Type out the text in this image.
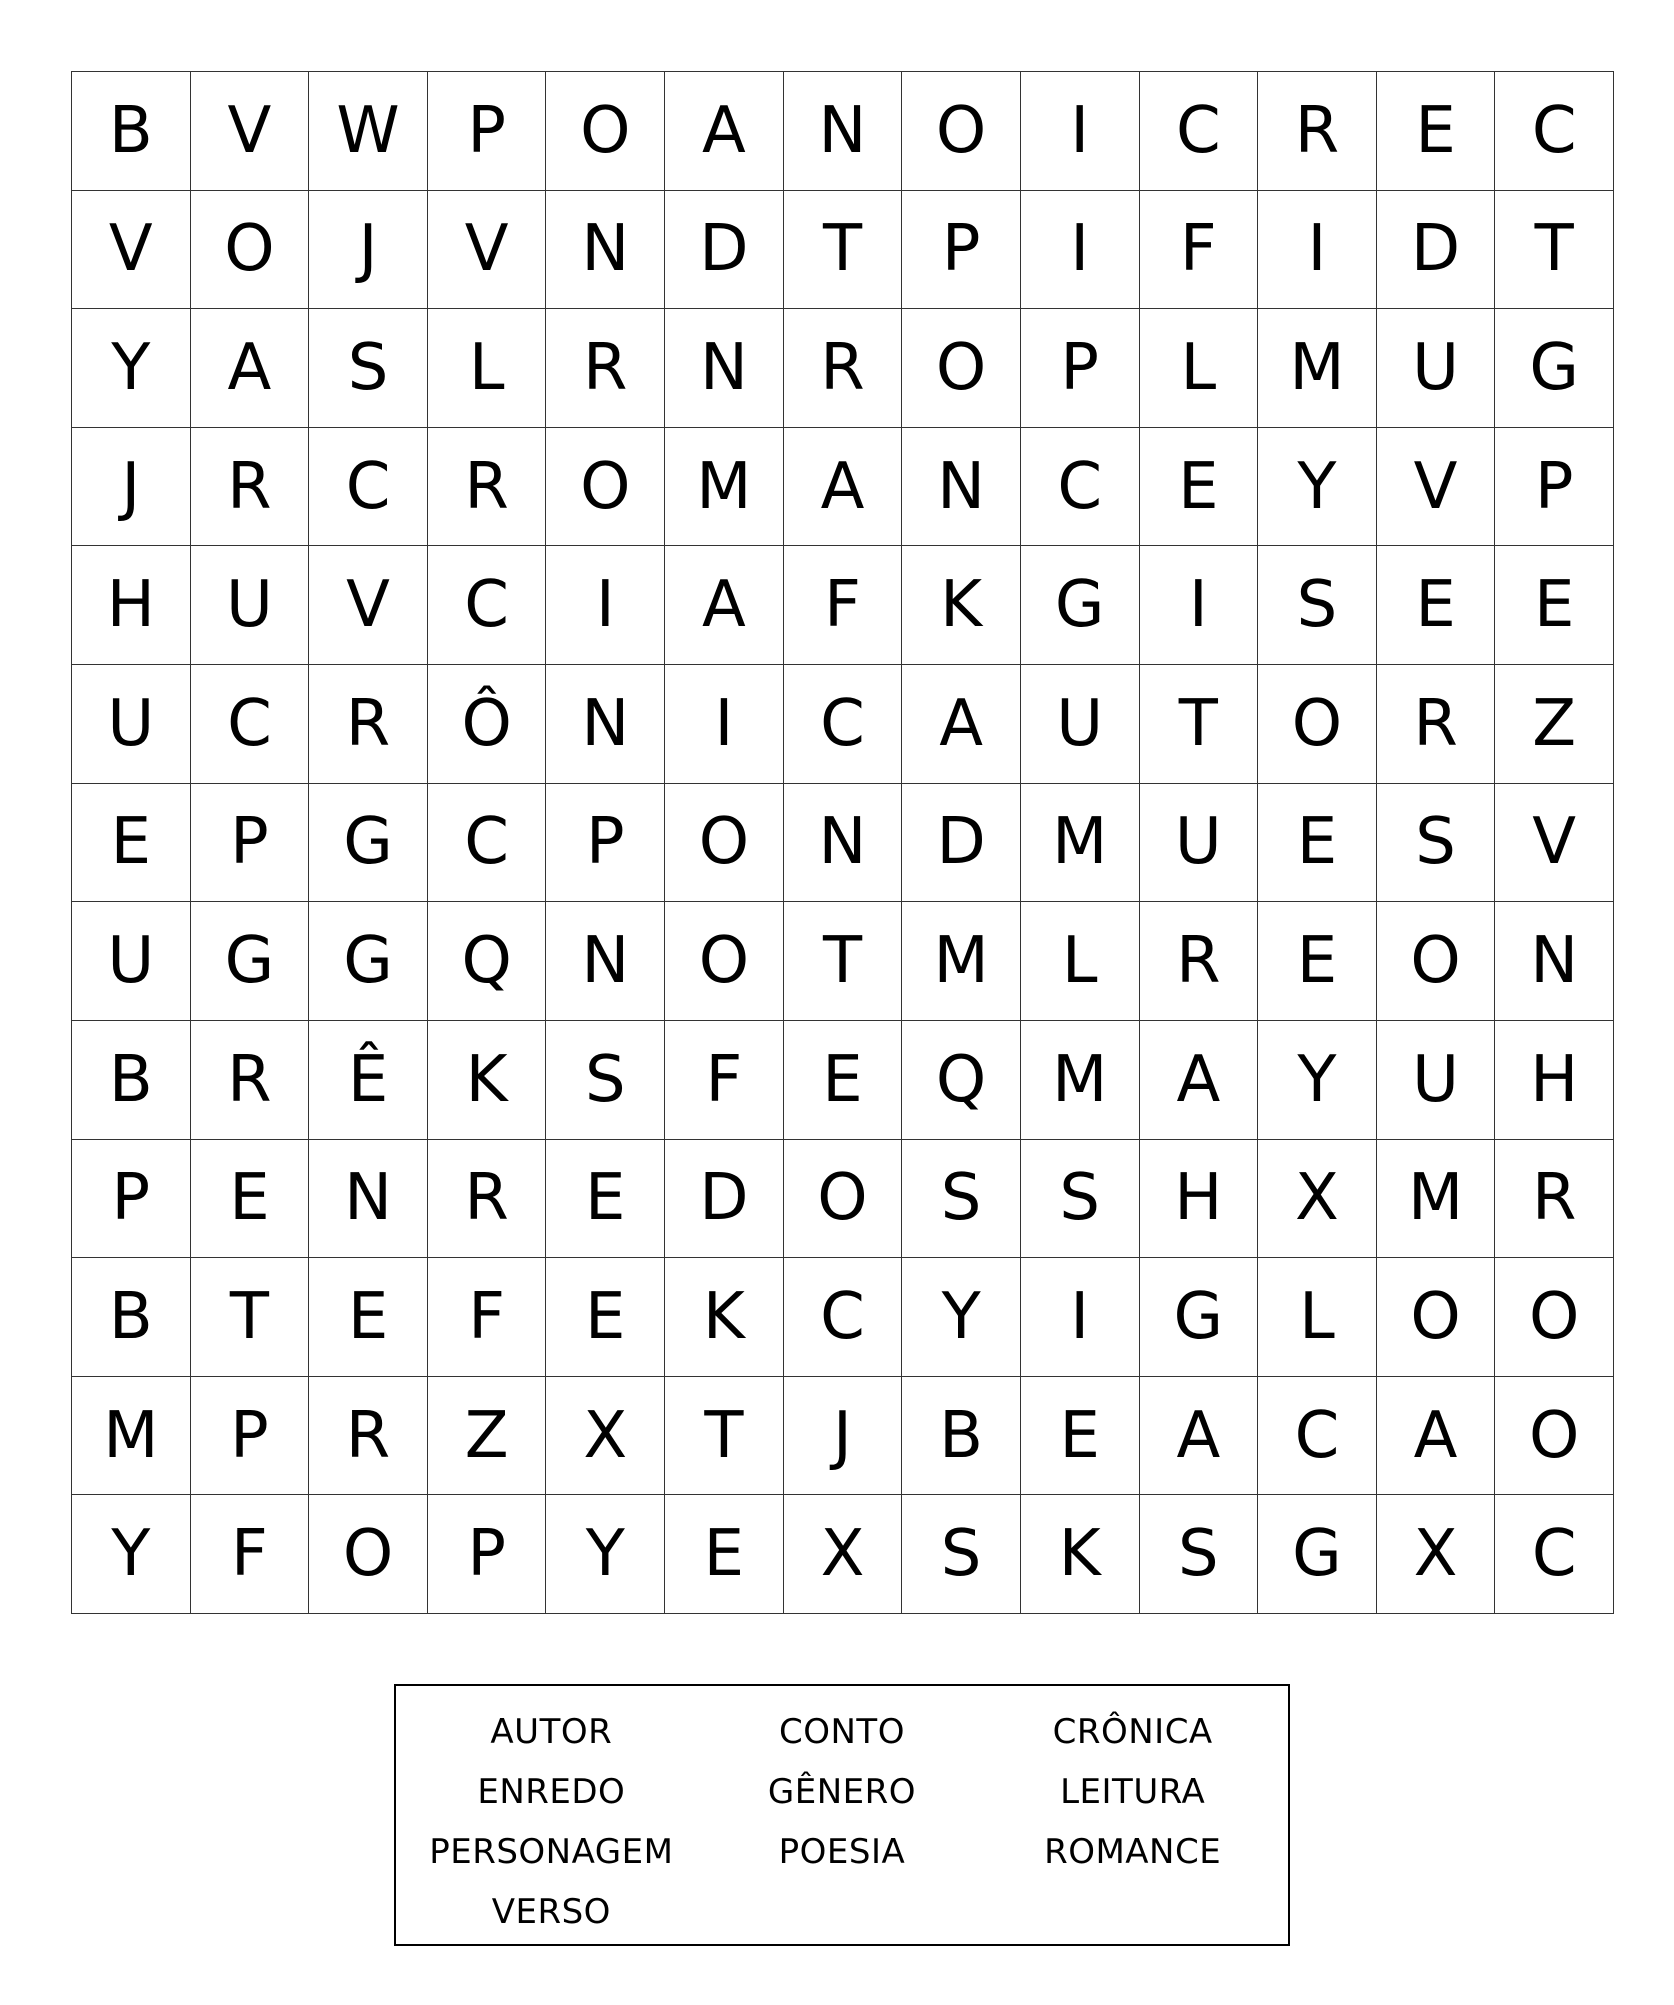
B	V	W	P	O	A	N	O	I	C	R	E	C
V	O	J	V	N	D	T	P	I	F	I	D	T
Y	A	S	L	R	N	R	O	P	L	M	U	G
J	R	C	R	O	M	A	N	C	E	Y	V	P
H	U	V	C	I	A	F	K	G	I	S	E	E
U	C	R	Ô	N	I	C	A	U	T	O	R	Z
E	P	G	C	P	O	N	D	M	U	E	S	V
U	G	G	Q	N	O	T	M	L	R	E	O	N
B	R	Ê	K	S	F	E	Q	M	A	Y	U	H
P	E	N	R	E	D	O	S	S	H	X	M	R
B	T	E	F	E	K	C	Y	I	G	L	O	O
M	P	R	Z	X	T	J	B	E	A	C	A	O
Y	F	O	P	Y	E	X	S	K	S	G	X	C
AUTOR	CONTO	CRÔNICA
ENREDO	GÊNERO	LEITURA
PERSONAGEM	POESIA	ROMANCE
VERSO
